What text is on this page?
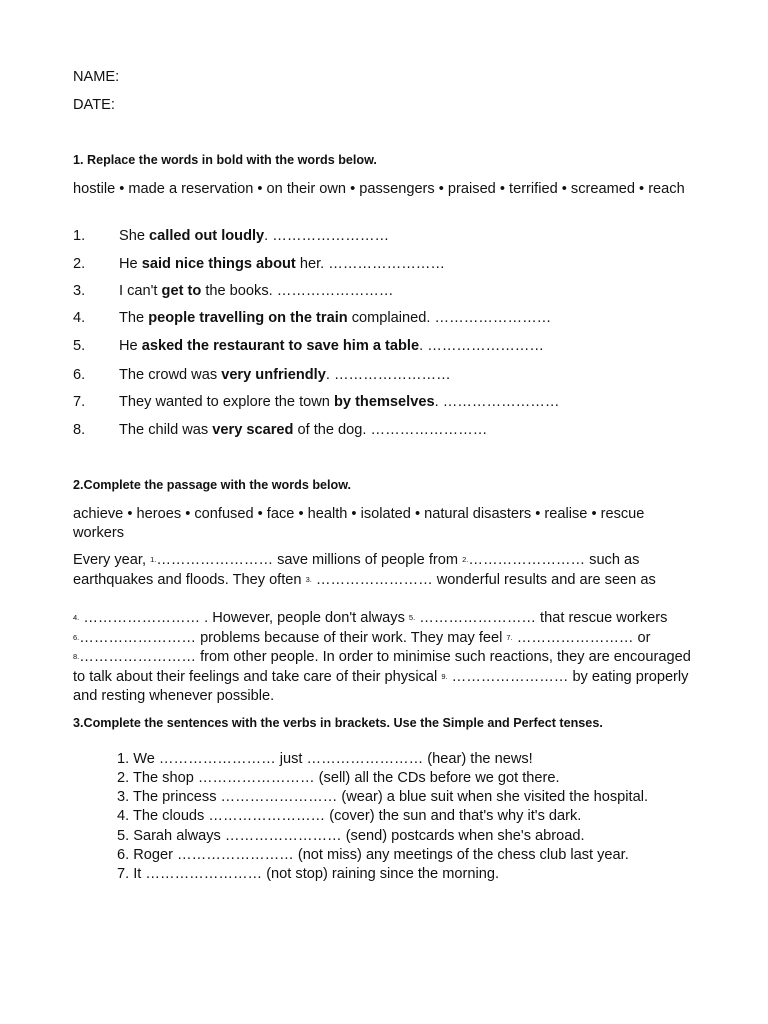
NAME:
DATE:
1. Replace the words in bold with the words below.
hostile • made a reservation • on their own • passengers • praised • terrified • screamed • reach
1. She called out loudly. ……………………
2. He said nice things about her. ……………………
3. I can't get to the books. ……………………
4. The people travelling on the train complained. ……………………
5. He asked the restaurant to save him a table. ……………………
6. The crowd was very unfriendly. ……………………
7. They wanted to explore the town by themselves. ……………………
8. The child was very scared of the dog. ……………………
2.Complete the passage with the words below.
achieve • heroes • confused • face • health • isolated • natural disasters • realise • rescue workers
Every year, $^{1.}$…………………… save millions of people from $^{2.}$…………………… such as earthquakes and floods. They often $^{3.}$ …………………… wonderful results and are seen as
$^{4.}$ …………………… . However, people don't always $^{5.}$ …………………… that rescue workers $^{6.}$…………………… problems because of their work. They may feel $^{7.}$ …………………… or $^{8.}$…………………… from other people. In order to minimise such reactions, they are encouraged to talk about their feelings and take care of their physical $^{9.}$ …………………… by eating properly and resting whenever possible.
3.Complete the sentences with the verbs in brackets. Use the Simple and Perfect tenses.
1. We …………………… just …………………… (hear) the news!
2. The shop …………………… (sell) all the CDs before we got there.
3. The princess …………………… (wear) a blue suit when she visited the hospital.
4. The clouds …………………… (cover) the sun and that's why it's dark.
5. Sarah always …………………… (send) postcards when she's abroad.
6. Roger …………………… (not miss) any meetings of the chess club last year.
7. It …………………… (not stop) raining since the morning.
